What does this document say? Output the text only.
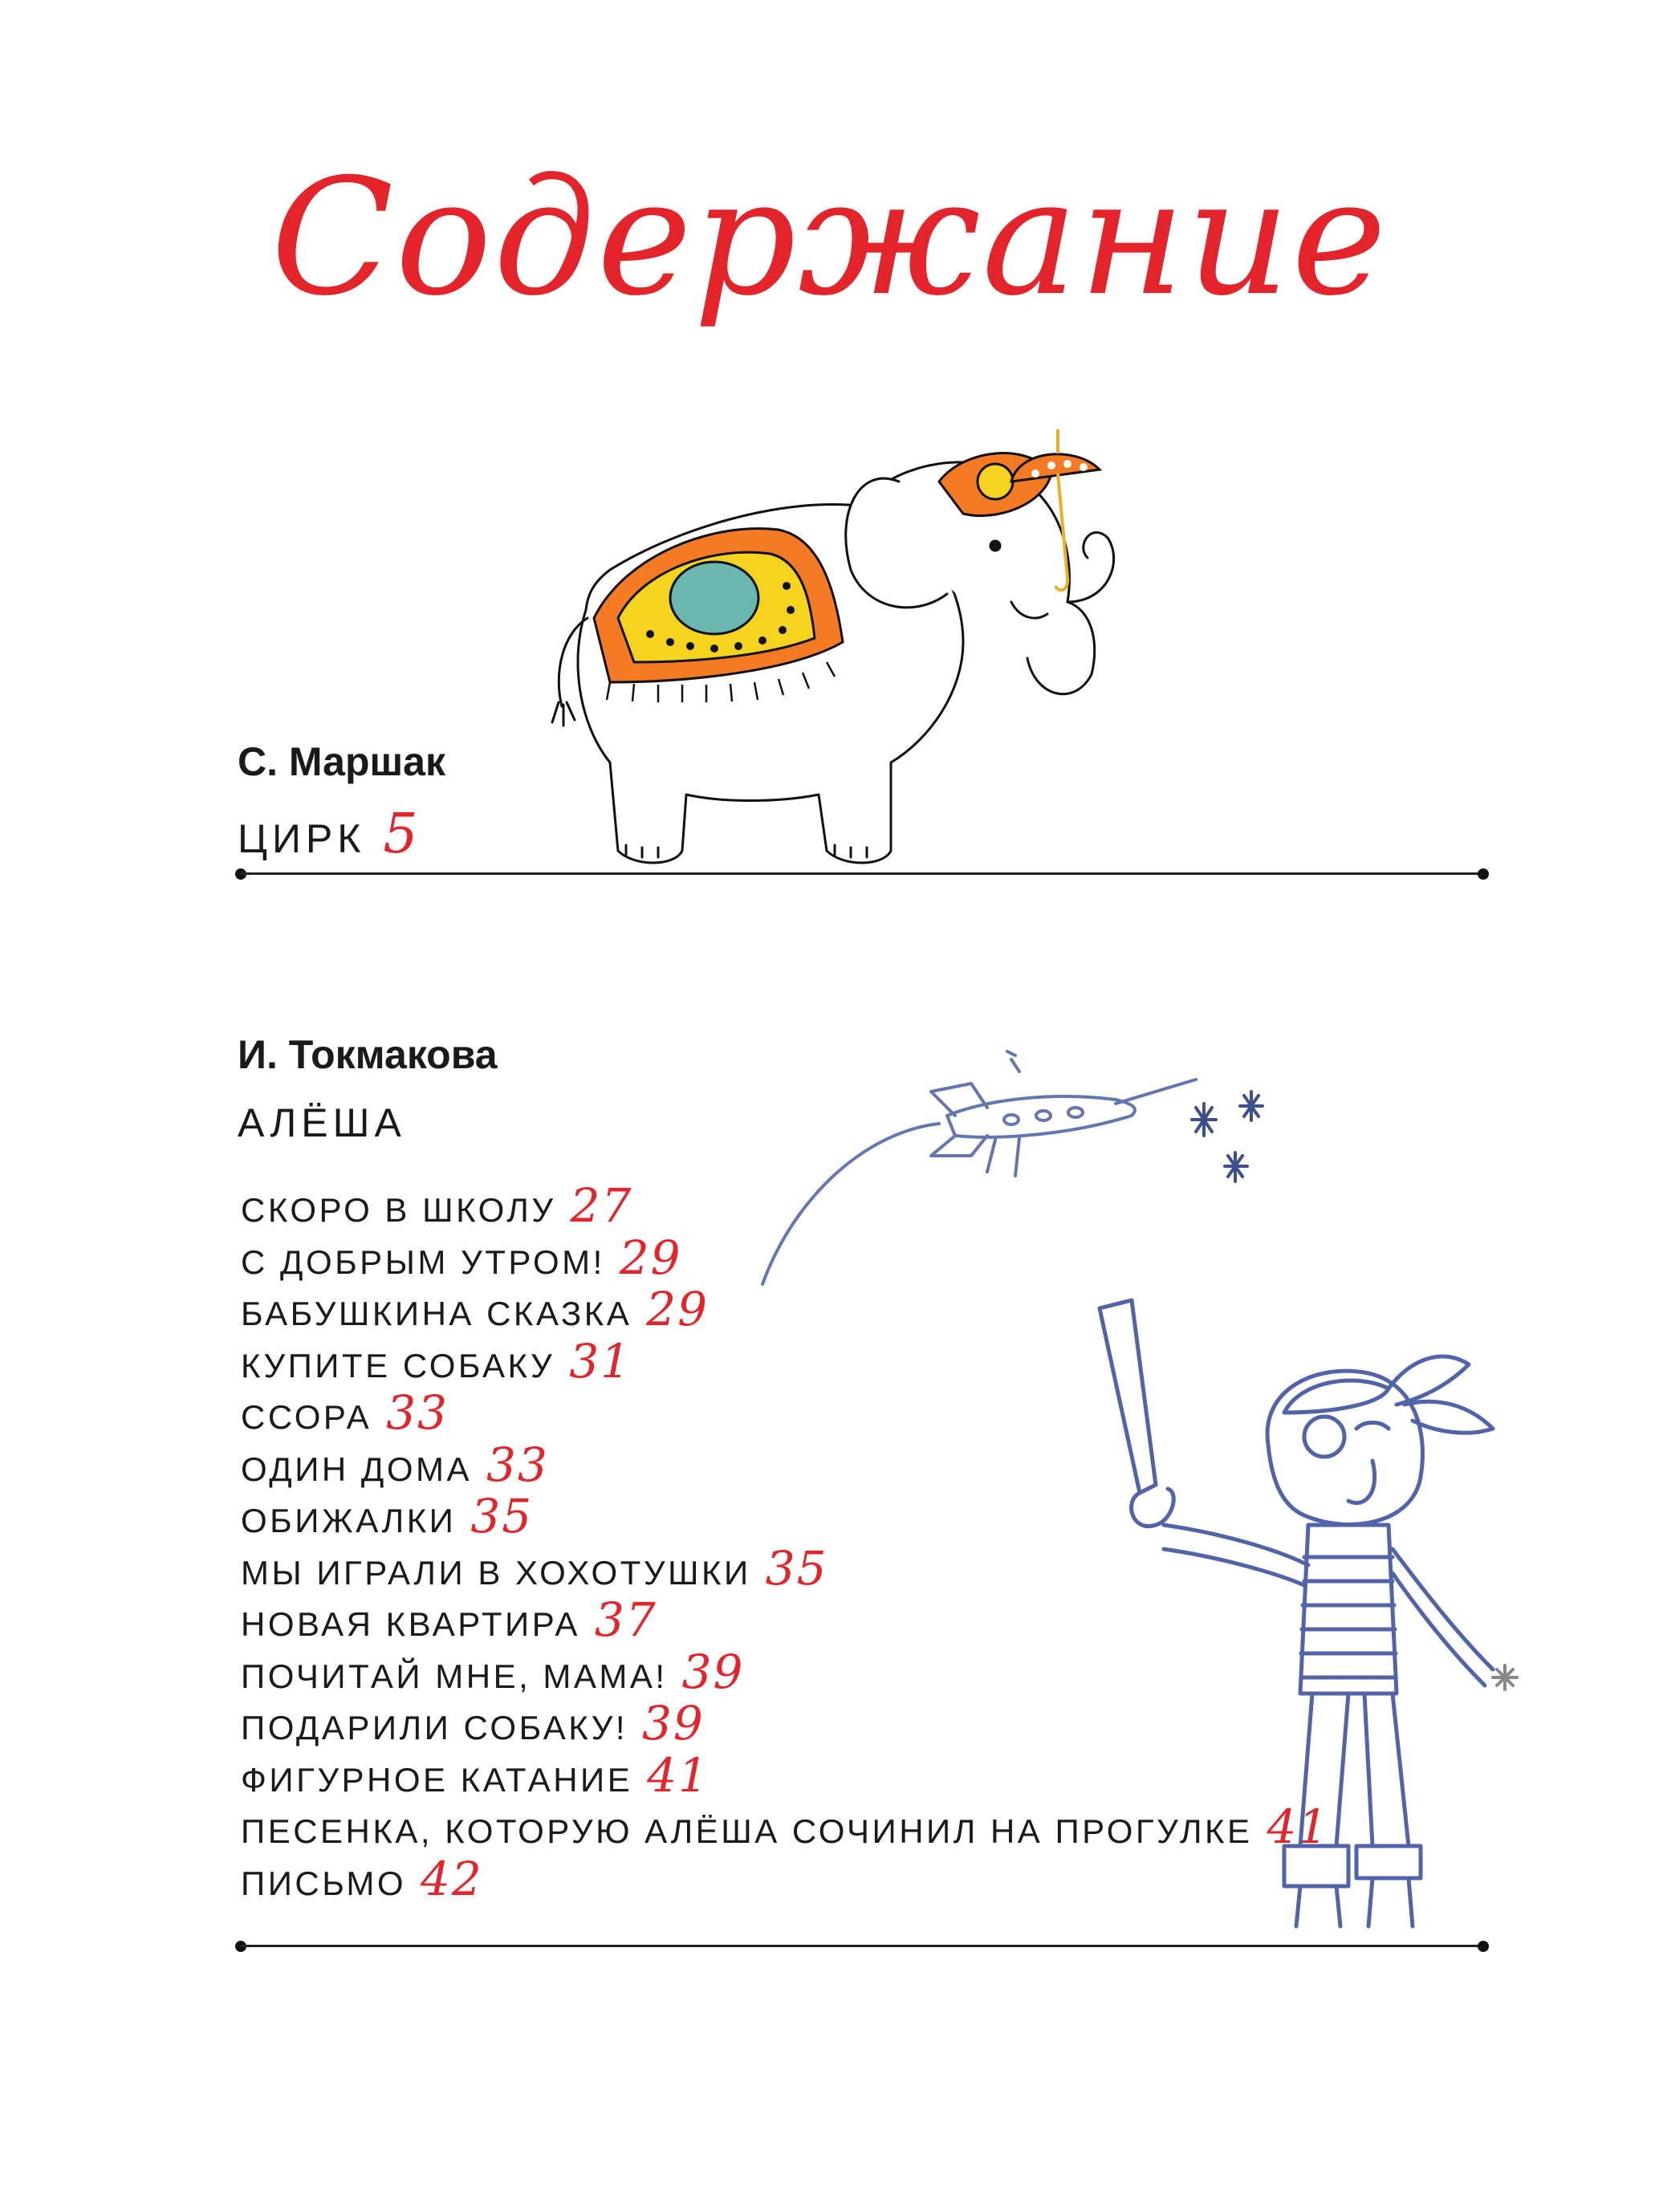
Содержание
С. Маршак
ЦИРК 5
И. Токмакова
АЛЁША
СКОРО В ШКОЛУ 27
С ДОБРЫМ УТРОМ! 29
БАБУШКИНА СКАЗКА 29
КУПИТЕ СОБАКУ 31
ССОРА 33
ОДИН ДОМА 33
ОБИЖАЛКИ 35
МЫ ИГРАЛИ В ХОХОТУШКИ 35
НОВАЯ КВАРТИРА 37
ПОЧИТАЙ МНЕ, МАМА! 39
ПОДАРИЛИ СОБАКУ! 39
ФИГУРНОЕ КАТАНИЕ 41
ПЕСЕНКА, КОТОРУЮ АЛЁША СОЧИНИЛ НА ПРОГУЛКЕ 41
ПИСЬМО 42
